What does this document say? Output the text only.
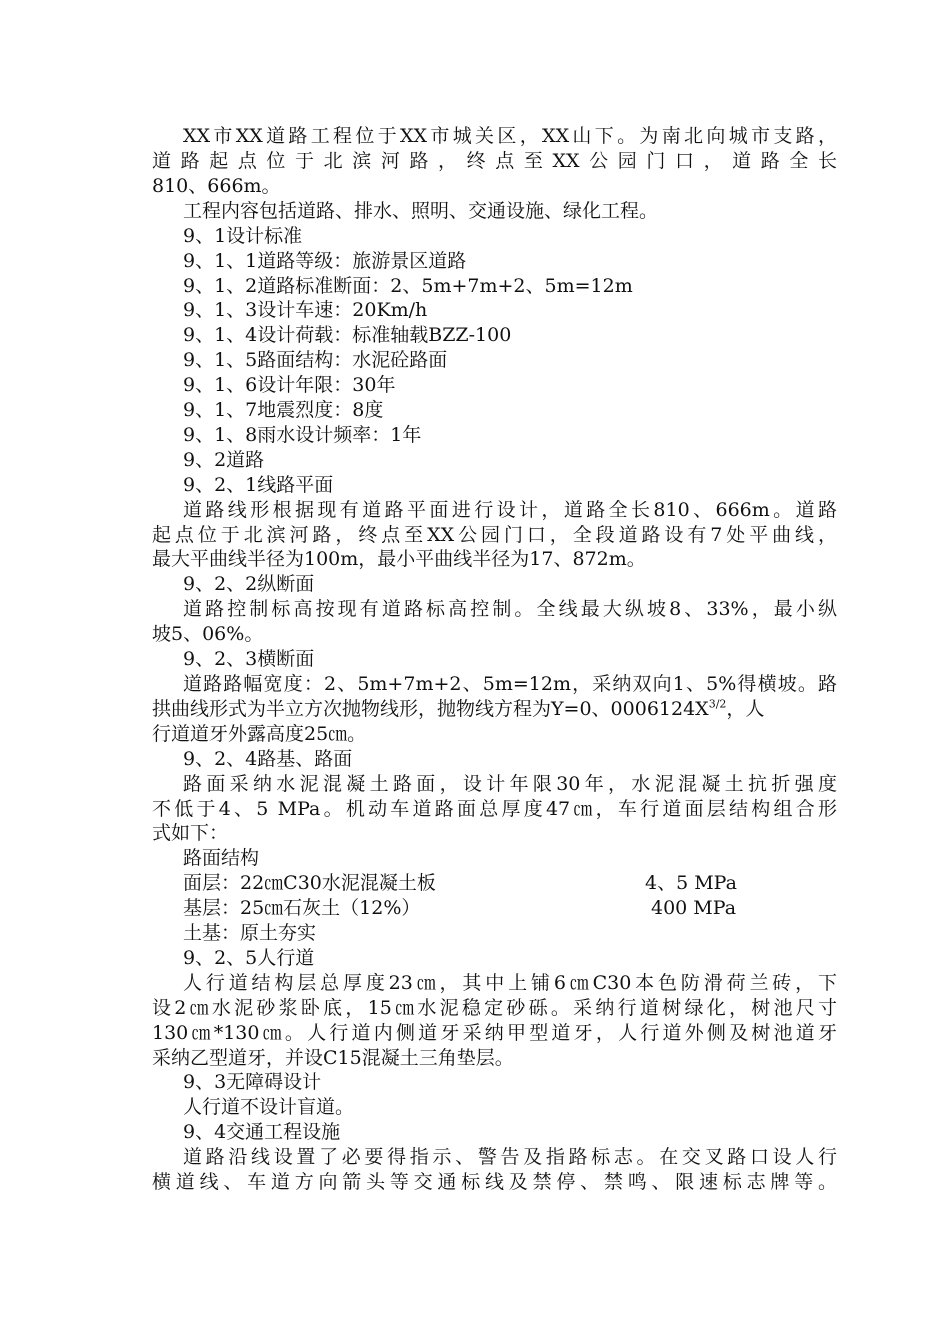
XX市XX道路工程位于XX市城关区，XX山下。为南北向城市支路，
道路起点位于北滨河路，终点至XX公园门口，道路全长
810、666m。
工程内容包括道路、排水、照明、交通设施、绿化工程。
9、1设计标准
9、1、1道路等级：旅游景区道路
9、1、2道路标准断面：2、5m+7m+2、5m=12m
9、1、3设计车速：20Km/h
9、1、4设计荷载：标准轴载BZZ-100
9、1、5路面结构：水泥砼路面
9、1、6设计年限：30年
9、1、7地震烈度：8度
9、1、8雨水设计频率：1年
9、2道路
9、2、1线路平面
道路线形根据现有道路平面进行设计，道路全长810、666m。道路
起点位于北滨河路，终点至XX公园门口，全段道路设有7处平曲线，
最大平曲线半径为100m，最小平曲线半径为17、872m。
9、2、2纵断面
道路控制标高按现有道路标高控制。全线最大纵坡8、33%，最小纵
坡5、06%。
9、2、3横断面
道路路幅宽度：2、5m+7m+2、5m=12m，采纳双向1、5%得横坡。路
拱曲线形式为半立方次抛物线形，抛物线方程为Y=0、$0006124X^{3/2}$，人
行道道牙外露高度25㎝。
9、2、4路基、路面
路面采纳水泥混凝土路面，设计年限30年，水泥混凝土抗折强度
不低于4、5 MPa。机动车道路面总厚度47㎝，车行道面层结构组合形
式如下：
路面结构
面层：22㎝C30水泥混凝土板	4、5 MPa
基层：25㎝石灰土（12%）	400 MPa
土基：原土夯实
9、2、5人行道
人行道结构层总厚度23㎝，其中上铺6㎝C30本色防滑荷兰砖，下
设2㎝水泥砂浆卧底，15㎝水泥稳定砂砾。采纳行道树绿化，树池尺寸
130㎝*130㎝。人行道内侧道牙采纳甲型道牙，人行道外侧及树池道牙
采纳乙型道牙，并设C15混凝土三角垫层。
9、3无障碍设计
人行道不设计盲道。
9、4交通工程设施
道路沿线设置了必要得指示、警告及指路标志。在交叉路口设人行
横道线、车道方向箭头等交通标线及禁停、禁鸣、限速标志牌等。
